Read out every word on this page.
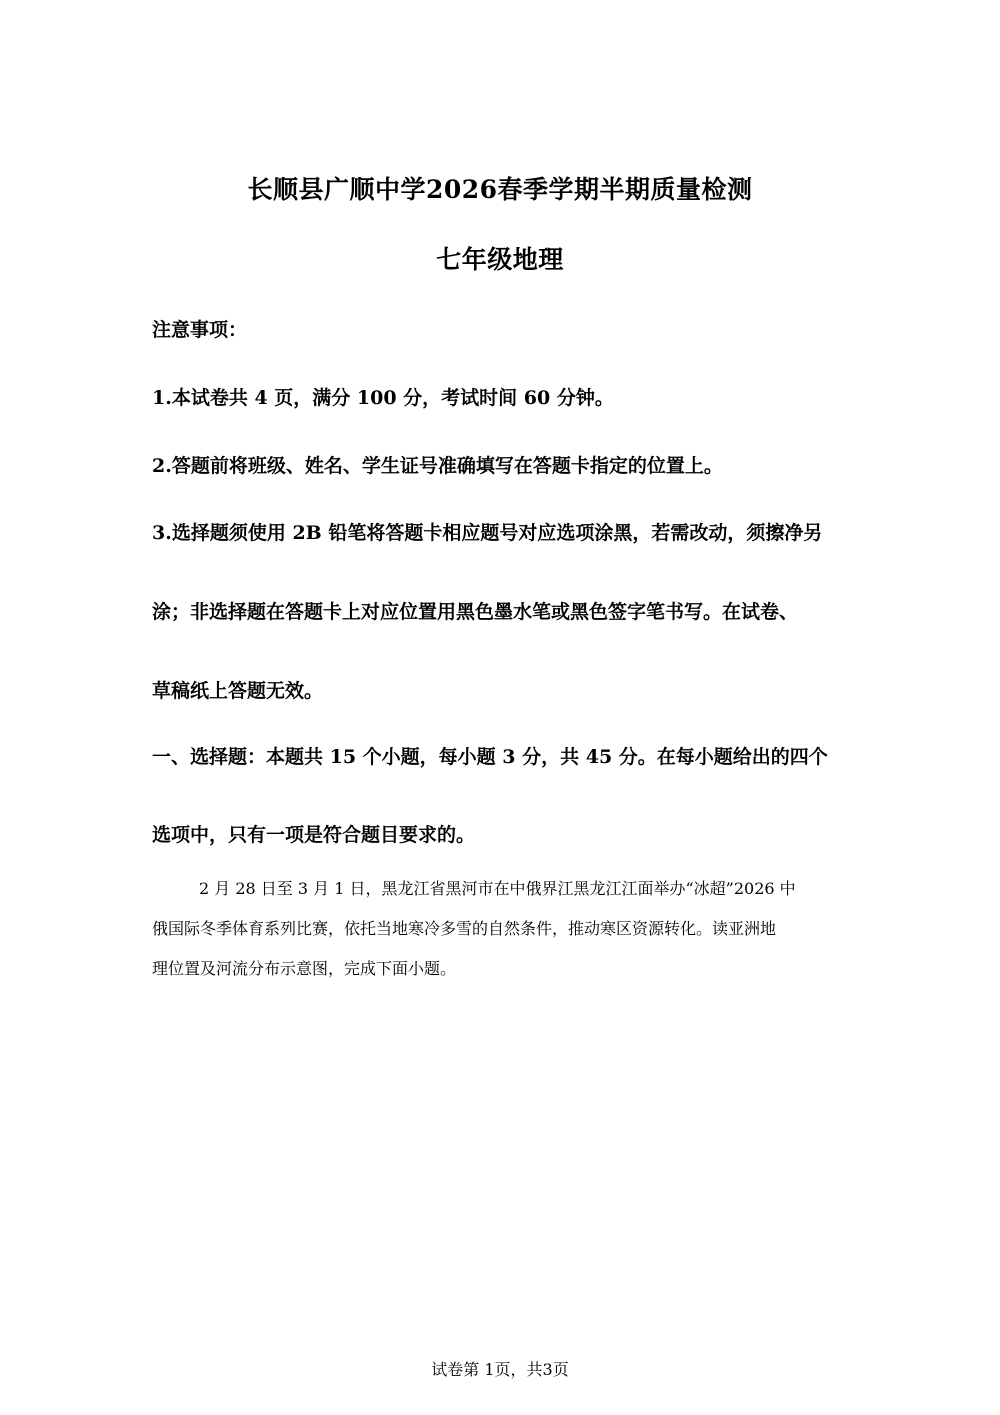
长顺县广顺中学2026春季学期半期质量检测
七年级地理
注意事项：
1.本试卷共 4 页，满分 100 分，考试时间 60 分钟。
2.答题前将班级、姓名、学生证号准确填写在答题卡指定的位置上。
3.选择题须使用 2B 铅笔将答题卡相应题号对应选项涂黑，若需改动，须擦净另
涂；非选择题在答题卡上对应位置用黑色墨水笔或黑色签字笔书写。在试卷、
草稿纸上答题无效。
一、选择题：本题共 15 个小题，每小题 3 分，共 45 分。在每小题给出的四个
选项中，只有一项是符合题目要求的。
2 月 28 日至 3 月 1 日，黑龙江省黑河市在中俄界江黑龙江江面举办“冰超”2026 中
俄国际冬季体育系列比赛，依托当地寒冷多雪的自然条件，推动寒区资源转化。读亚洲地
理位置及河流分布示意图，完成下面小题。
试卷第 1页，共3页
